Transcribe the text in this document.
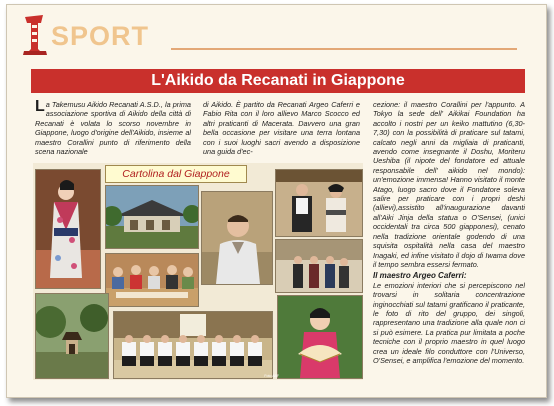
SPORT
L'Aikido da Recanati in Giappone
La Takemusu Aikido Recanati A.S.D., la prima associazione sportiva di Aikido della città di Recanati è volata lo scorso novembre in Giappone, luogo d'origine dell'Aikido, insieme al maestro Corallini punto di riferimento della scena nazionale
di Aikido. È partito da Recanati Argeo Caferri e Fabio Rita con il loro allievo Marco Scocco ed altri praticanti di Macerata. Davvero una gran bella occasione per visitare una terra lontana con i suoi luoghi sacri avendo a disposizione una guida d'ec-
cezione: il maestro Corallini per l'appunto. A Tokyo la sede dell' Aikikai Foundation ha accolto i nostri per un keiko mattutino (6,30-7,30) con la possibilità di praticare sul tatami, calcato negli anni da migliaia di praticanti, avendo come insegnante il Doshu, Moriteru Ueshiba (il nipote del fondatore ed attuale responsabile dell' aikido nel mondo): un'emozione immensa! Hanno visitato il monte Atago, luogo sacro dove il Fondatore soleva salire per praticare con i propri deshi (allievi),assistito all'inaugurazione davanti all'Aiki Jinja della statua o O'Sensei, (unici occidentali tra circa 500 giapponesi), cenato nella tradizione orientale godendo di una squisita ospitalità nella casa del maestro Inagaki, ed infine visitato il dojo di Iwama dove il tempo sembra essersi fermato.
Il maestro Argeo Caferri:
Le emozioni interiori che si percepiscono nel trovarsi in solitaria concentrazione inginocchiati sul tatami gratificano il praticante, le foto di rito del gruppo, dei singoli, rappresentano una tradizione alla quale non ci si può esimere. La pratica pur limitata a poche tecniche con il proprio maestro in quel luogo crea un ideale filo conduttore con l'Universo, O'Sensei, e amplifica l'emozione del momento.
Cartolina dal Giappone
Foto ABF
